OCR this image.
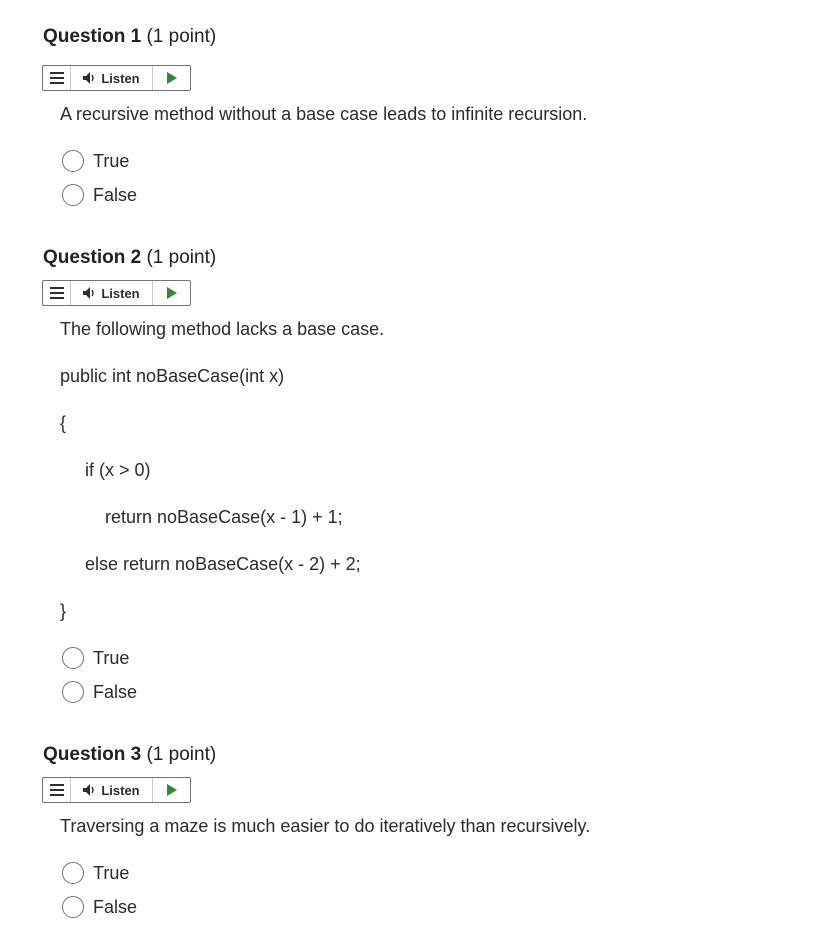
Question 1 (1 point)
Listen
A recursive method without a base case leads to infinite recursion.
True
False
Question 2 (1 point)
Listen
The following method lacks a base case.
public int noBaseCase(int x)
{
if (x > 0)
return noBaseCase(x - 1) + 1;
else return noBaseCase(x - 2) + 2;
}
True
False
Question 3 (1 point)
Listen
Traversing a maze is much easier to do iteratively than recursively.
True
False
